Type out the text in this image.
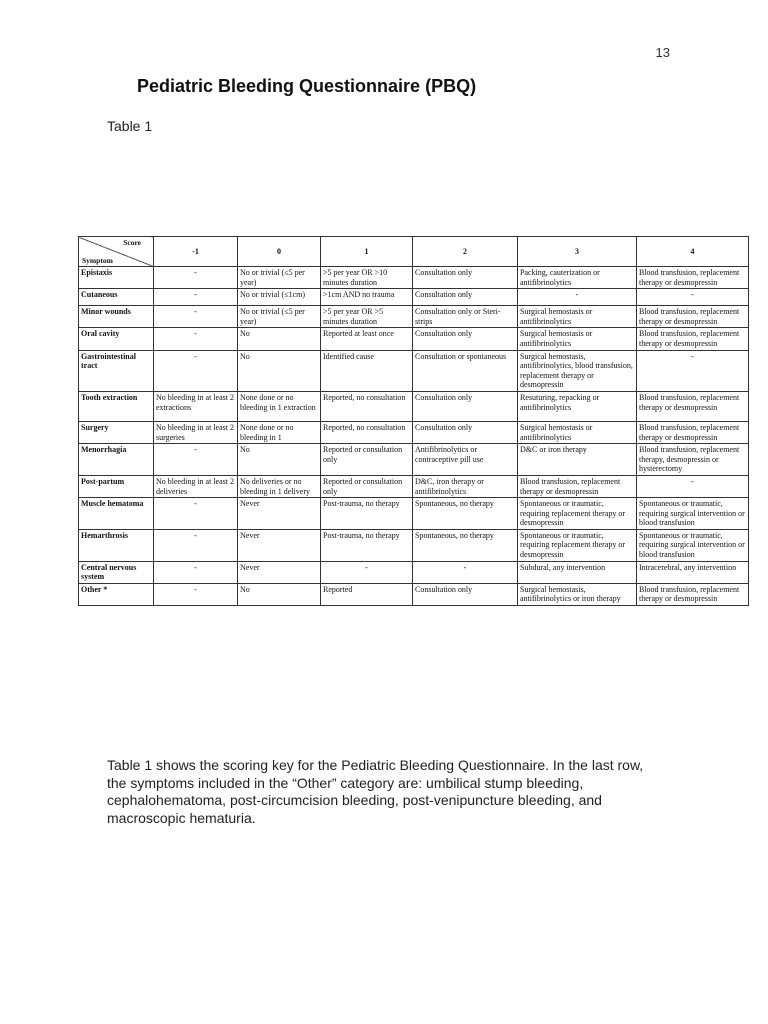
13
Pediatric Bleeding Questionnaire (PBQ)
Table 1
Score
Symptom	-1	0	1	2	3	4
Epistaxis	-	No or trivial (≤5 per year)	>5 per year OR >10 minutes duration	Consultation only	Packing, cauterization or antifibrinolytics	Blood transfusion, replacement therapy or desmopressin
Cutaneous	-	No or trivial (≤1cm)	>1cm AND no trauma	Consultation only	-	-
Minor wounds	-	No or trivial (≤5 per year)	>5 per year OR >5 minutes duration	Consultation only or Steri-strips	Surgical hemostasis or antifibrinolytics	Blood transfusion, replacement therapy or desmopressin
Oral cavity	-	No	Reported at least once	Consultation only	Surgical hemostasis or antifibrinolytics	Blood transfusion, replacement therapy or desmopressin
Gastrointestinal tract	-	No	Identified cause	Consultation or spontaneous	Surgical hemostasis, antifibrinolytics, blood transfusion, replacement therapy or desmopressin	-
Tooth extraction	No bleeding in at least 2 extractions	None done or no bleeding in 1 extraction	Reported, no consultation	Consultation only	Resuturing, repacking or antifibrinolytics	Blood transfusion, replacement therapy or desmopressin
Surgery	No bleeding in at least 2 surgeries	None done or no bleeding in 1	Reported, no consultation	Consultation only	Surgical hemostasis or antifibrinolytics	Blood transfusion, replacement therapy or desmopressin
Menorrhagia	-	No	Reported or consultation only	Antifibrinolytics or contraceptive pill use	D&C or iron therapy	Blood transfusion, replacement therapy, desmopressin or hysterectomy
Post-partum	No bleeding in at least 2 deliveries	No deliveries or no bleeding in 1 delivery	Reported or consultation only	D&C, iron therapy or antifibrinolytics	Blood transfusion, replacement therapy or desmopressin	-
Muscle hematoma	-	Never	Post-trauma, no therapy	Spontaneous, no therapy	Spontaneous or traumatic, requiring replacement therapy or desmopressin	Spontaneous or traumatic, requiring surgical intervention or blood transfusion
Hemarthrosis	-	Never	Post-trauma, no therapy	Spontaneous, no therapy	Spontaneous or traumatic, requiring replacement therapy or desmopressin	Spontaneous or traumatic, requiring surgical intervention or blood transfusion
Central nervous system	-	Never	-	-	Subdural, any intervention	Intracerebral, any intervention
Other *	-	No	Reported	Consultation only	Surgical hemostasis, antifibrinolytics or iron therapy	Blood transfusion, replacement therapy or desmopressin

Table 1 shows the scoring key for the Pediatric Bleeding Questionnaire. In the last row, the symptoms included in the “Other” category are: umbilical stump bleeding, cephalohematoma, post-circumcision bleeding, post-venipuncture bleeding, and macroscopic hematuria.
